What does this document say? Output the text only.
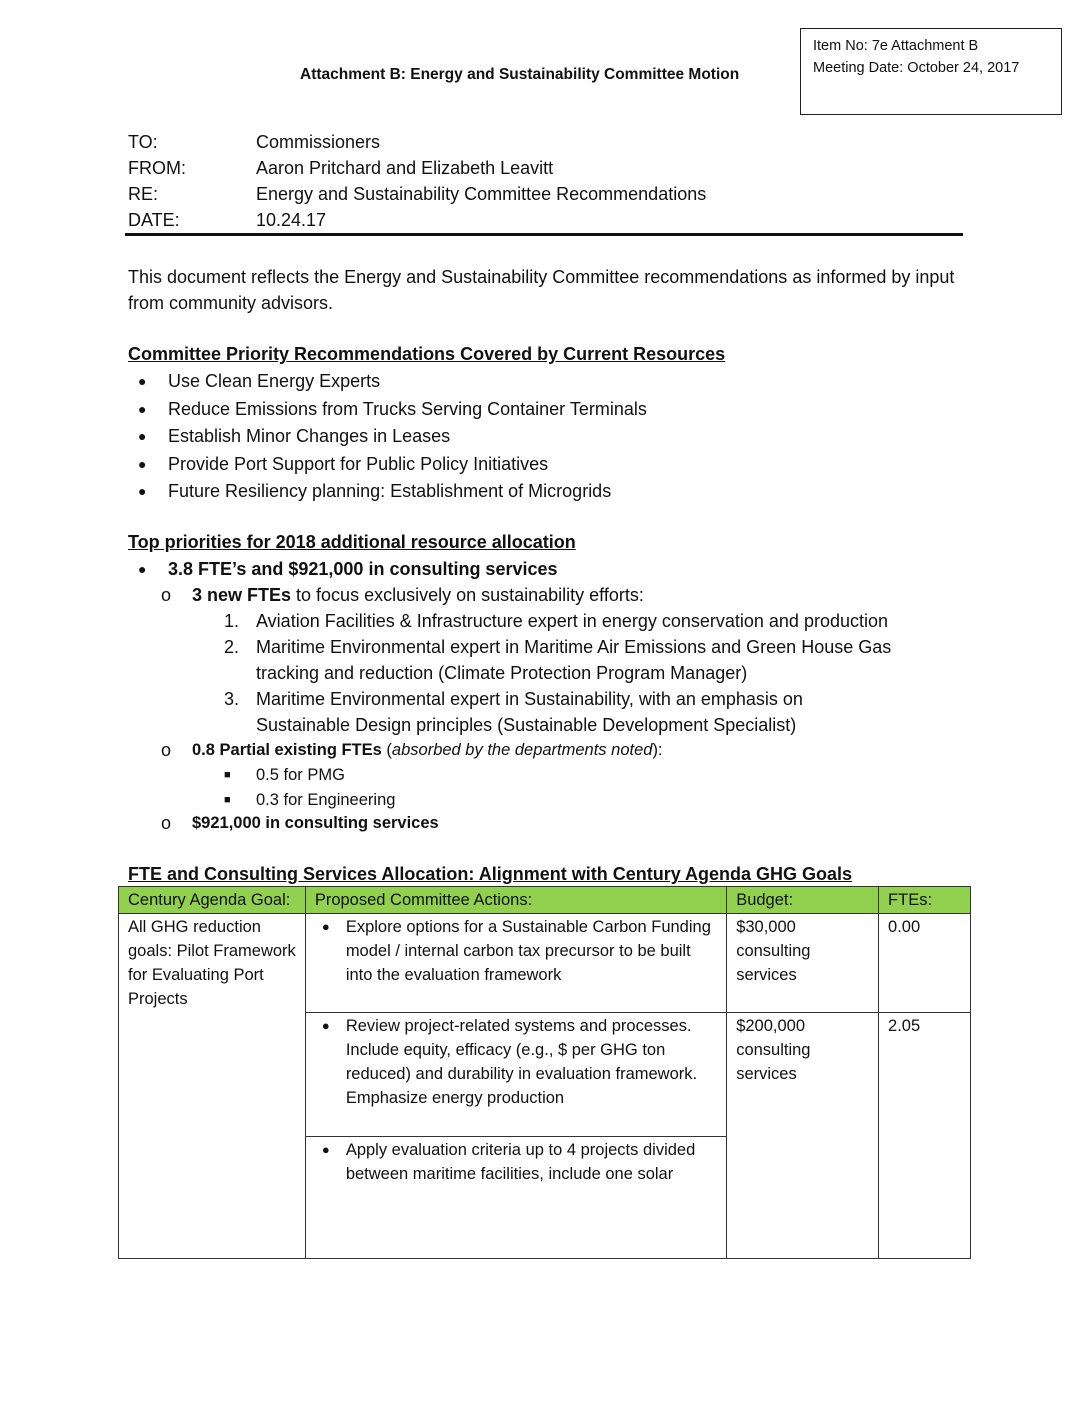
Item No: 7e Attachment B
Meeting Date: October 24, 2017
Attachment B: Energy and Sustainability Committee Motion
TO:	Commissioners
FROM:	Aaron Pritchard and Elizabeth Leavitt
RE:	Energy and Sustainability Committee Recommendations
DATE:	10.24.17
This document reflects the Energy and Sustainability Committee recommendations as informed by input from community advisors.
Committee Priority Recommendations Covered by Current Resources
● Use Clean Energy Experts
● Reduce Emissions from Trucks Serving Container Terminals
● Establish Minor Changes in Leases
● Provide Port Support for Public Policy Initiatives
● Future Resiliency planning: Establishment of Microgrids
Top priorities for 2018 additional resource allocation
● 3.8 FTE’s and $921,000 in consulting services
o 3 new FTEs to focus exclusively on sustainability efforts:
1. Aviation Facilities & Infrastructure expert in energy conservation and production
2. Maritime Environmental expert in Maritime Air Emissions and Green House Gas
tracking and reduction (Climate Protection Program Manager)
3. Maritime Environmental expert in Sustainability, with an emphasis on
Sustainable Design principles (Sustainable Development Specialist)
o 0.8 Partial existing FTEs (absorbed by the departments noted):
■ 0.5 for PMG
■ 0.3 for Engineering
o $921,000 in consulting services
FTE and Consulting Services Allocation: Alignment with Century Agenda GHG Goals
Century Agenda Goal:	Proposed Committee Actions:	Budget:	FTEs:
All GHG reduction goals: Pilot Framework for Evaluating Port Projects	● Explore options for a Sustainable Carbon Funding model / internal carbon tax precursor to be built into the evaluation framework	$30,000 consulting services	0.00

	● Review project-related systems and processes. Include equity, efficacy (e.g., $ per GHG ton reduced) and durability in evaluation framework. Emphasize energy production	$200,000 consulting services	2.05

	● Apply evaluation criteria up to 4 projects divided between maritime facilities, include one solar		
